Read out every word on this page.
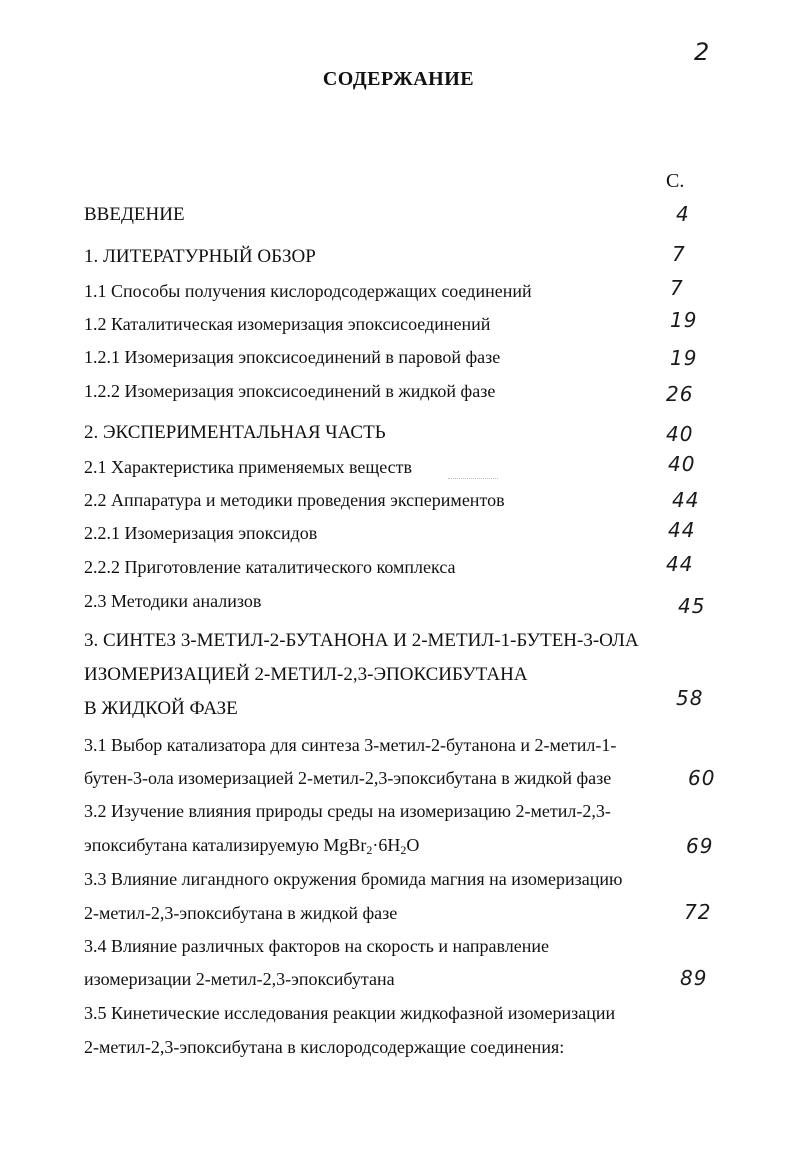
2
СОДЕРЖАНИЕ
С.
ВВЕДЕНИЕ	4
1. ЛИТЕРАТУРНЫЙ ОБЗОР	7
1.1 Способы получения кислородсодержащих соединений	7
1.2 Каталитическая изомеризация эпоксисоединений	19
1.2.1 Изомеризация эпоксисоединений в паровой фазе	19
1.2.2 Изомеризация эпоксисоединений в жидкой фазе	26
2. ЭКСПЕРИМЕНТАЛЬНАЯ ЧАСТЬ	40
2.1 Характеристика применяемых веществ	40
2.2 Аппаратура и методики проведения экспериментов	44
2.2.1 Изомеризация эпоксидов	44
2.2.2 Приготовление каталитического комплекса	44
2.3 Методики анализов	45
3. СИНТЕЗ 3-МЕТИЛ-2-БУТАНОНА И 2-МЕТИЛ-1-БУТЕН-3-ОЛА
ИЗОМЕРИЗАЦИЕЙ 2-МЕТИЛ-2,3-ЭПОКСИБУТАНА
В ЖИДКОЙ ФАЗЕ	58
3.1 Выбор катализатора для синтеза 3-метил-2-бутанона и 2-метил-1-
бутен-3-ола изомеризацией 2-метил-2,3-эпоксибутана в жидкой фазе	60
3.2 Изучение влияния природы среды на изомеризацию 2-метил-2,3-
эпоксибутана катализируемую $MgBr_2\cdot 6H_2O$	69
3.3 Влияние лигандного окружения бромида магния на изомеризацию
2-метил-2,3-эпоксибутана в жидкой фазе	72
3.4 Влияние различных факторов на скорость и направление
изомеризации 2-метил-2,3-эпоксибутана	89
3.5 Кинетические исследования реакции жидкофазной изомеризации
2-метил-2,3-эпоксибутана в кислородсодержащие соединения:
